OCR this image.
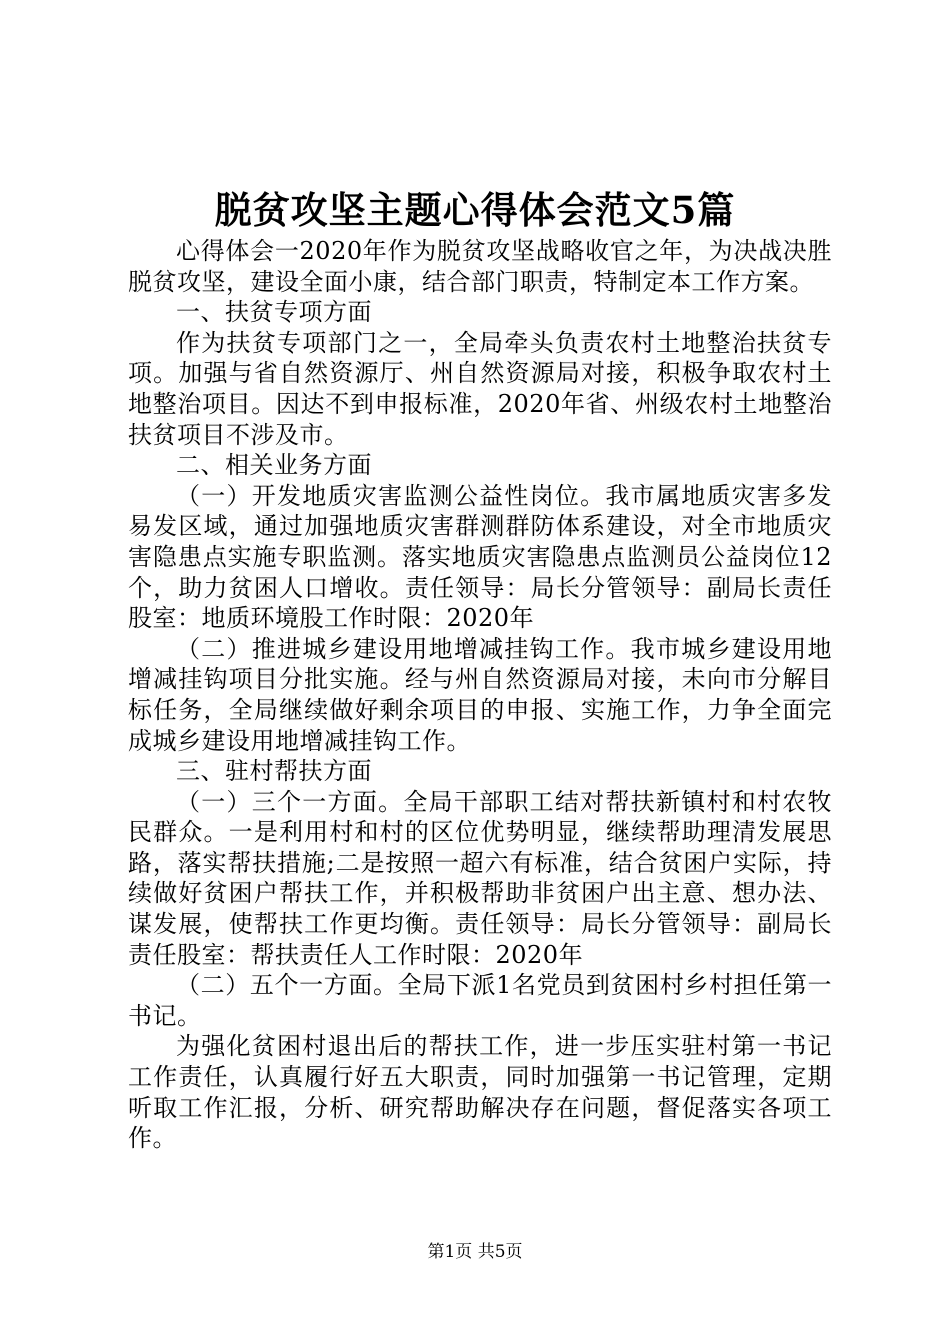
脱贫攻坚主题心得体会范文5篇

心得体会一2020年作为脱贫攻坚战略收官之年，为决战决胜脱贫攻坚，建设全面小康，结合部门职责，特制定本工作方案。

一、扶贫专项方面

作为扶贫专项部门之一，全局牵头负责农村土地整治扶贫专项。加强与省自然资源厅、州自然资源局对接，积极争取农村土地整治项目。因达不到申报标准，2020年省、州级农村土地整治扶贫项目不涉及市。

二、相关业务方面

（一）开发地质灾害监测公益性岗位。我市属地质灾害多发易发区域，通过加强地质灾害群测群防体系建设，对全市地质灾害隐患点实施专职监测。落实地质灾害隐患点监测员公益岗位12个，助力贫困人口增收。责任领导：局长分管领导：副局长责任股室：地质环境股工作时限：2020年

（二）推进城乡建设用地增减挂钩工作。我市城乡建设用地增减挂钩项目分批实施。经与州自然资源局对接，未向市分解目标任务，全局继续做好剩余项目的申报、实施工作，力争全面完成城乡建设用地增减挂钩工作。

三、驻村帮扶方面

（一）三个一方面。全局干部职工结对帮扶新镇村和村农牧民群众。一是利用村和村的区位优势明显，继续帮助理清发展思路，落实帮扶措施;二是按照一超六有标准，结合贫困户实际，持续做好贫困户帮扶工作，并积极帮助非贫困户出主意、想办法、谋发展，使帮扶工作更均衡。责任领导：局长分管领导：副局长责任股室：帮扶责任人工作时限：2020年

（二）五个一方面。全局下派1名党员到贫困村乡村担任第一书记。

为强化贫困村退出后的帮扶工作，进一步压实驻村第一书记工作责任，认真履行好五大职责，同时加强第一书记管理，定期听取工作汇报，分析、研究帮助解决存在问题，督促落实各项工作。

第1页 共5页
